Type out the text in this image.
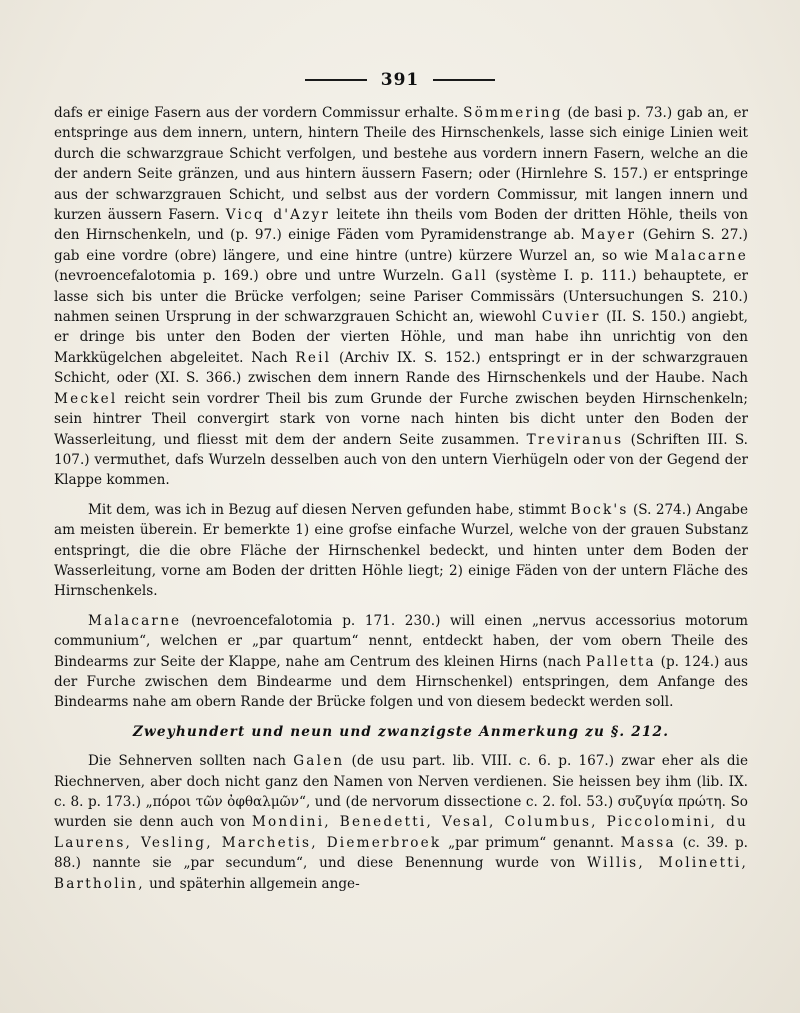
391

dafs er einige Fasern aus der vordern Commissur erhalte. Sömmering (de basi p. 73.) gab an, er entspringe aus dem innern, untern, hintern Theile des Hirnschenkels, lasse sich einige Linien weit durch die schwarzgraue Schicht verfolgen, und bestehe aus vordern innern Fasern, welche an die der andern Seite gränzen, und aus hintern äussern Fasern; oder (Hirnlehre S. 157.) er entspringe aus der schwarzgrauen Schicht, und selbst aus der vordern Commissur, mit langen innern und kurzen äussern Fasern. Vicq d'Azyr leitete ihn theils vom Boden der dritten Höhle, theils von den Hirnschenkeln, und (p. 97.) einige Fäden vom Pyramidenstrange ab. Mayer (Gehirn S. 27.) gab eine vordre (obre) längere, und eine hintre (untre) kürzere Wurzel an, so wie Malacarne (nevroencefalotomia p. 169.) obre und untre Wurzeln. Gall (système I. p. 111.) behauptete, er lasse sich bis unter die Brücke verfolgen; seine Pariser Commissärs (Untersuchungen S. 210.) nahmen seinen Ursprung in der schwarzgrauen Schicht an, wiewohl Cuvier (II. S. 150.) angiebt, er dringe bis unter den Boden der vierten Höhle, und man habe ihn unrichtig von den Markkügelchen abgeleitet. Nach Reil (Archiv IX. S. 152.) entspringt er in der schwarzgrauen Schicht, oder (XI. S. 366.) zwischen dem innern Rande des Hirnschenkels und der Haube. Nach Meckel reicht sein vordrer Theil bis zum Grunde der Furche zwischen beyden Hirnschenkeln; sein hintrer Theil convergirt stark von vorne nach hinten bis dicht unter den Boden der Wasserleitung, und fliesst mit dem der andern Seite zusammen. Treviranus (Schriften III. S. 107.) vermuthet, dafs Wurzeln desselben auch von den untern Vierhügeln oder von der Gegend der Klappe kommen.

Mit dem, was ich in Bezug auf diesen Nerven gefunden habe, stimmt Bock's (S. 274.) Angabe am meisten überein. Er bemerkte 1) eine grofse einfache Wurzel, welche von der grauen Substanz entspringt, die die obre Fläche der Hirnschenkel bedeckt, und hinten unter dem Boden der Wasserleitung, vorne am Boden der dritten Höhle liegt; 2) einige Fäden von der untern Fläche des Hirnschenkels.

Malacarne (nevroencefalotomia p. 171. 230.) will einen „nervus accessorius motorum communium“, welchen er „par quartum“ nennt, entdeckt haben, der vom obern Theile des Bindearms zur Seite der Klappe, nahe am Centrum des kleinen Hirns (nach Palletta (p. 124.) aus der Furche zwischen dem Bindearme und dem Hirnschenkel) entspringen, dem Anfange des Bindearms nahe am obern Rande der Brücke folgen und von diesem bedeckt werden soll.

Zweyhundert und neun und zwanzigste Anmerkung zu §. 212.

Die Sehnerven sollten nach Galen (de usu part. lib. VIII. c. 6. p. 167.) zwar eher als die Riechnerven, aber doch nicht ganz den Namen von Nerven verdienen. Sie heissen bey ihm (lib. IX. c. 8. p. 173.) „πόροι τῶν ὀφθαλμῶν“, und (de nervorum dissectione c. 2. fol. 53.) συζυγία πρώτη. So wurden sie denn auch von Mondini, Benedetti, Vesal, Columbus, Piccolomini, du Laurens, Vesling, Marchetis, Diemerbroek „par primum“ genannt. Massa (c. 39. p. 88.) nannte sie „par secundum“, und diese Benennung wurde von Willis, Molinetti, Bartholin, und späterhin allgemein ange-
